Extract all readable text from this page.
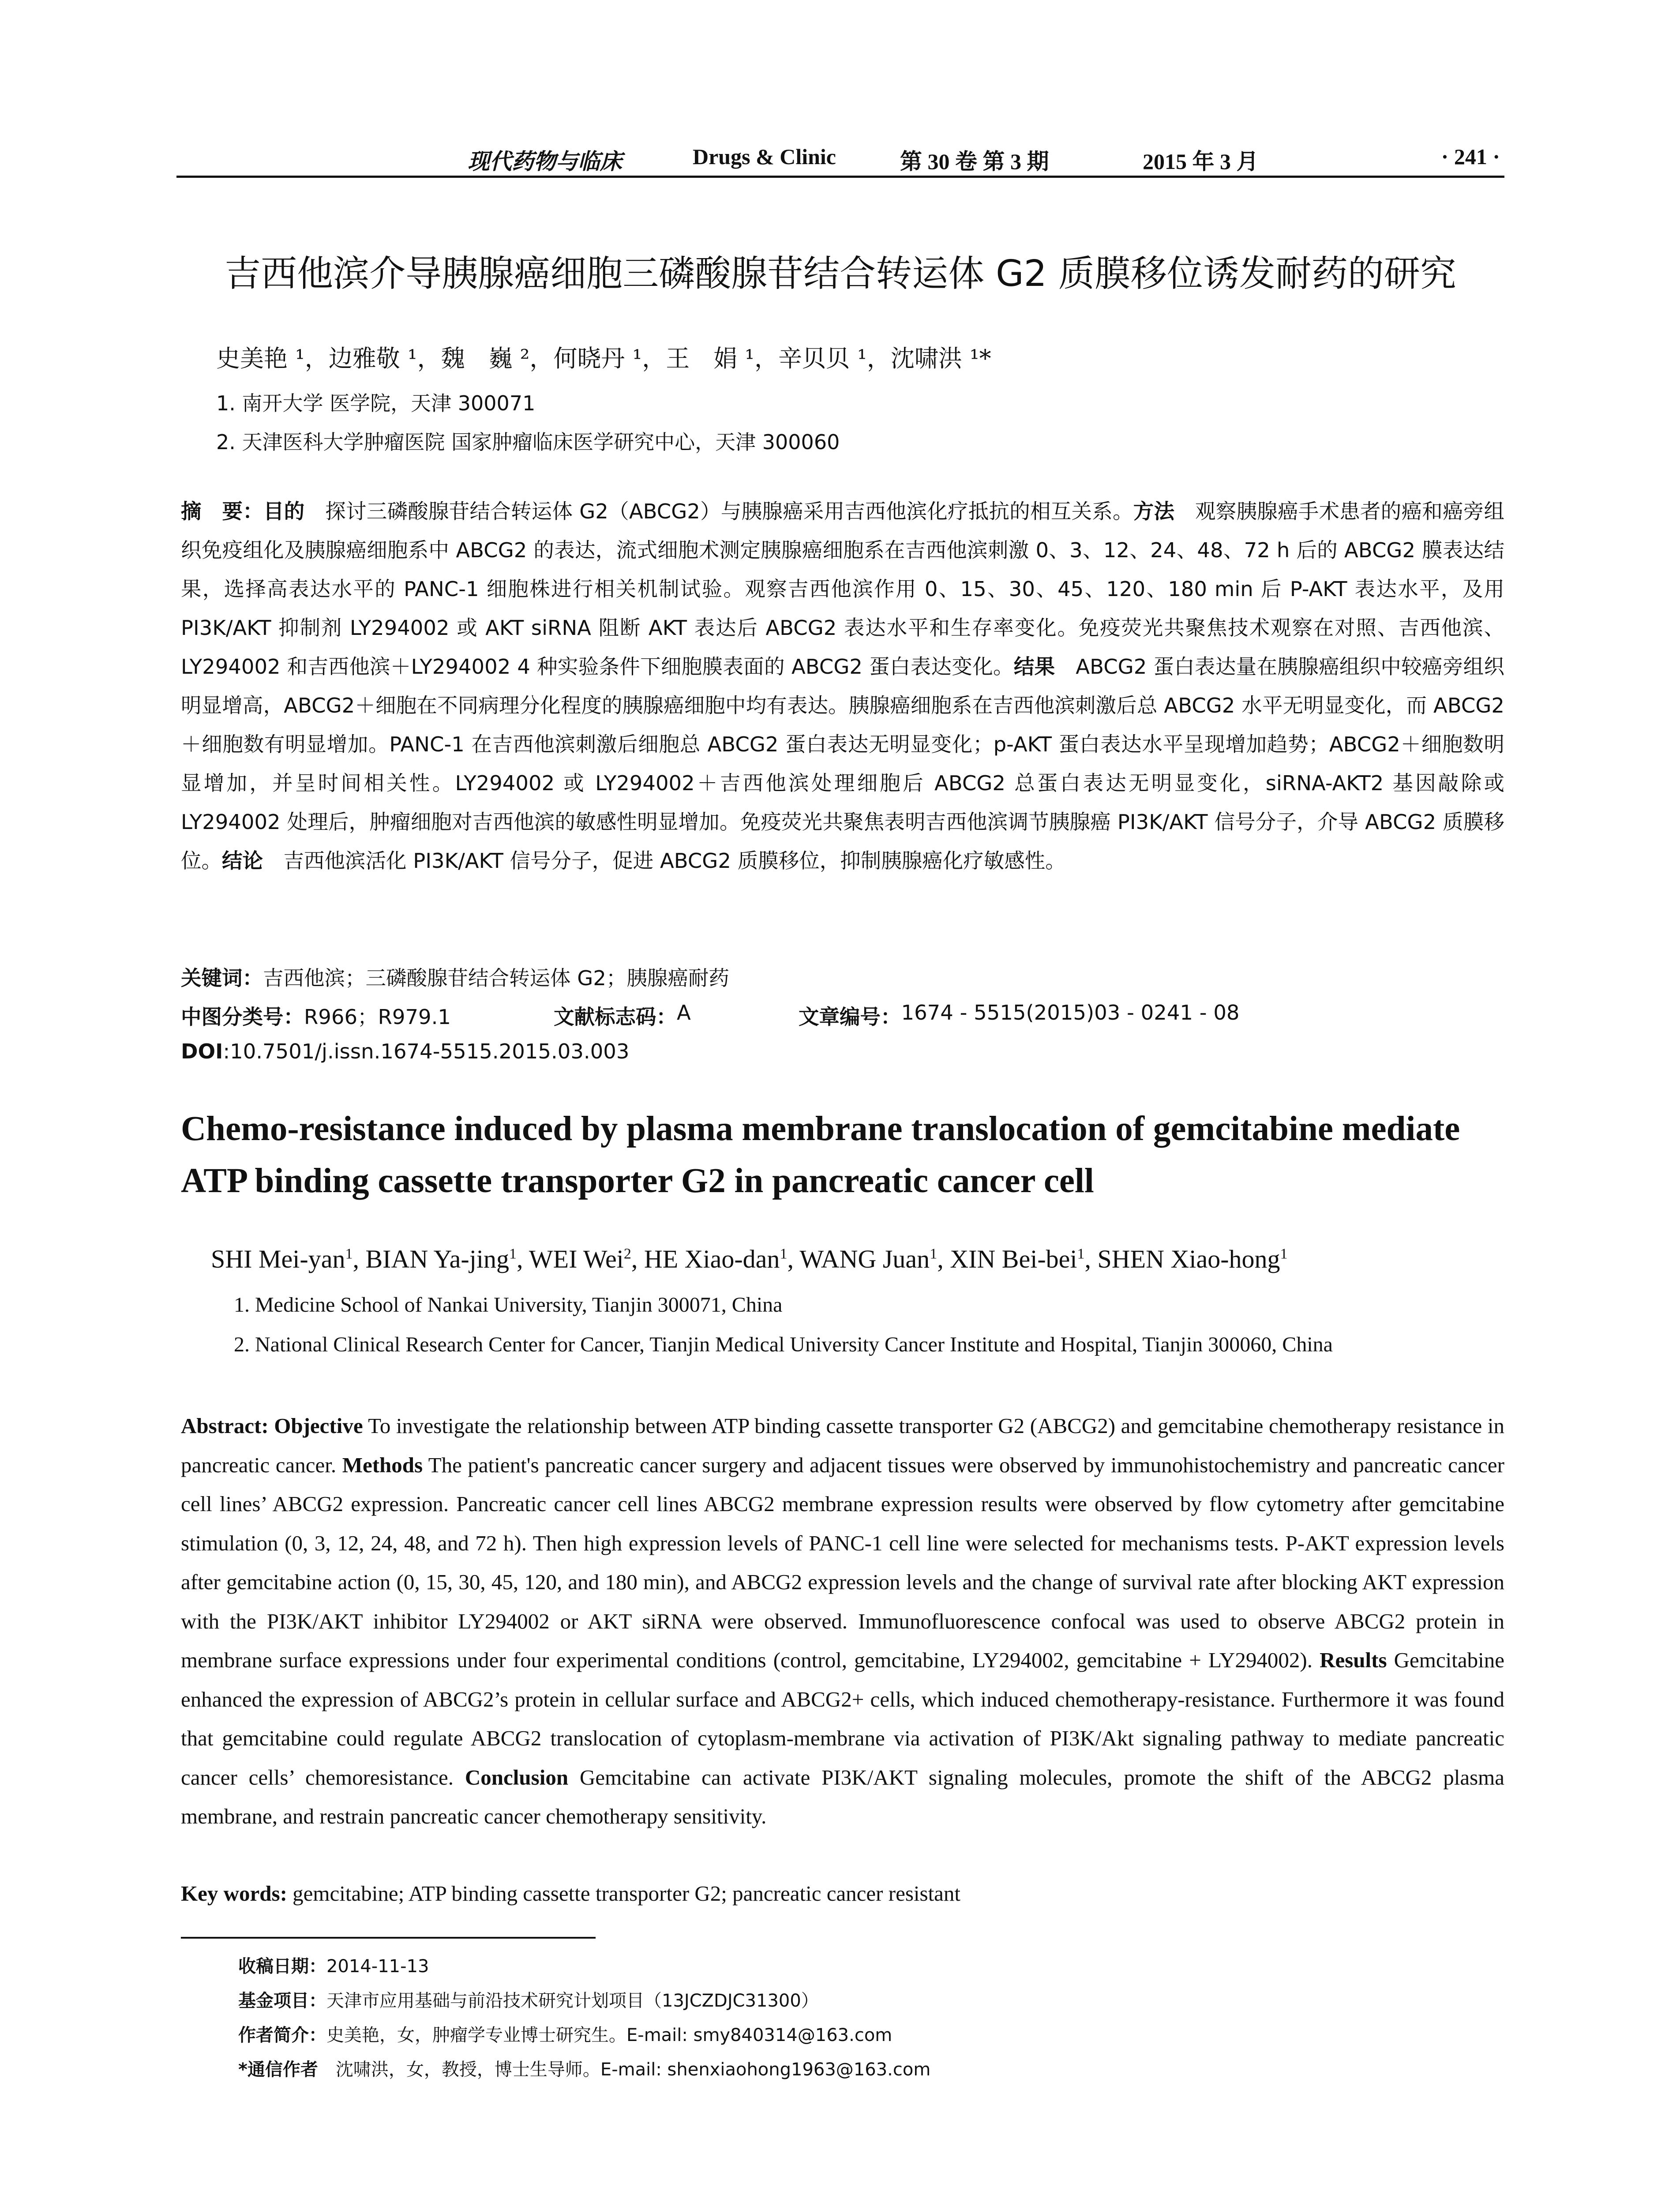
现代药物与临床	Drugs & Clinic	第 30 卷 第 3 期	2015 年 3 月	· 241 ·
吉西他滨介导胰腺癌细胞三磷酸腺苷结合转运体 G2 质膜移位诱发耐药的研究
史美艳 ¹，边雅敬 ¹，魏　巍 ²，何晓丹 ¹，王　娟 ¹，辛贝贝 ¹，沈啸洪 ¹*
1. 南开大学 医学院，天津 300071
2. 天津医科大学肿瘤医院 国家肿瘤临床医学研究中心，天津 300060
摘　要：目的　探讨三磷酸腺苷结合转运体 G2（ABCG2）与胰腺癌采用吉西他滨化疗抵抗的相互关系。方法　观察胰腺癌手术患者的癌和癌旁组织免疫组化及胰腺癌细胞系中 ABCG2 的表达，流式细胞术测定胰腺癌细胞系在吉西他滨刺激 0、3、12、24、48、72 h 后的 ABCG2 膜表达结果，选择高表达水平的 PANC-1 细胞株进行相关机制试验。观察吉西他滨作用 0、15、30、45、120、180 min 后 P-AKT 表达水平，及用 PI3K/AKT 抑制剂 LY294002 或 AKT siRNA 阻断 AKT 表达后 ABCG2 表达水平和生存率变化。免疫荧光共聚焦技术观察在对照、吉西他滨、LY294002 和吉西他滨＋LY294002 4 种实验条件下细胞膜表面的 ABCG2 蛋白表达变化。结果　ABCG2 蛋白表达量在胰腺癌组织中较癌旁组织明显增高，ABCG2＋细胞在不同病理分化程度的胰腺癌细胞中均有表达。胰腺癌细胞系在吉西他滨刺激后总 ABCG2 水平无明显变化，而 ABCG2＋细胞数有明显增加。PANC-1 在吉西他滨刺激后细胞总 ABCG2 蛋白表达无明显变化；p-AKT 蛋白表达水平呈现增加趋势；ABCG2＋细胞数明显增加，并呈时间相关性。LY294002 或 LY294002＋吉西他滨处理细胞后 ABCG2 总蛋白表达无明显变化，siRNA-AKT2 基因敲除或 LY294002 处理后，肿瘤细胞对吉西他滨的敏感性明显增加。免疫荧光共聚焦表明吉西他滨调节胰腺癌 PI3K/AKT 信号分子，介导 ABCG2 质膜移位。结论　吉西他滨活化 PI3K/AKT 信号分子，促进 ABCG2 质膜移位，抑制胰腺癌化疗敏感性。
关键词：吉西他滨；三磷酸腺苷结合转运体 G2；胰腺癌耐药
中图分类号： R966；R979.1	文献标志码： A	文章编号： 1674 - 5515(2015)03 - 0241 - 08
DOI:10.7501/j.issn.1674-5515.2015.03.003
Chemo-resistance induced by plasma membrane translocation of gemcitabine mediate ATP binding cassette transporter G2 in pancreatic cancer cell
SHI Mei-yan$^1$, BIAN Ya-jing$^1$, WEI Wei$^2$, HE Xiao-dan$^1$, WANG Juan$^1$, XIN Bei-bei$^1$, SHEN Xiao-hong$^1$
1. Medicine School of Nankai University, Tianjin 300071, China
2. National Clinical Research Center for Cancer, Tianjin Medical University Cancer Institute and Hospital, Tianjin 300060, China
Abstract: Objective To investigate the relationship between ATP binding cassette transporter G2 (ABCG2) and gemcitabine chemotherapy resistance in pancreatic cancer. Methods The patient's pancreatic cancer surgery and adjacent tissues were observed by immunohistochemistry and pancreatic cancer cell lines’ ABCG2 expression. Pancreatic cancer cell lines ABCG2 membrane expression results were observed by flow cytometry after gemcitabine stimulation (0, 3, 12, 24, 48, and 72 h). Then high expression levels of PANC-1 cell line were selected for mechanisms tests. P-AKT expression levels after gemcitabine action (0, 15, 30, 45, 120, and 180 min), and ABCG2 expression levels and the change of survival rate after blocking AKT expression with the PI3K/AKT inhibitor LY294002 or AKT siRNA were observed. Immunofluorescence confocal was used to observe ABCG2 protein in membrane surface expressions under four experimental conditions (control, gemcitabine, LY294002, gemcitabine + LY294002). Results Gemcitabine enhanced the expression of ABCG2’s protein in cellular surface and ABCG2+ cells, which induced chemotherapy-resistance. Furthermore it was found that gemcitabine could regulate ABCG2 translocation of cytoplasm-membrane via activation of PI3K/Akt signaling pathway to mediate pancreatic cancer cells’ chemoresistance. Conclusion Gemcitabine can activate PI3K/AKT signaling molecules, promote the shift of the ABCG2 plasma membrane, and restrain pancreatic cancer chemotherapy sensitivity.
Key words: gemcitabine; ATP binding cassette transporter G2; pancreatic cancer resistant
收稿日期：2014-11-13
基金项目：天津市应用基础与前沿技术研究计划项目（13JCZDJC31300）
作者简介：史美艳，女，肿瘤学专业博士研究生。E-mail: smy840314@163.com
*通信作者　沈啸洪，女，教授，博士生导师。E-mail: shenxiaohong1963@163.com
